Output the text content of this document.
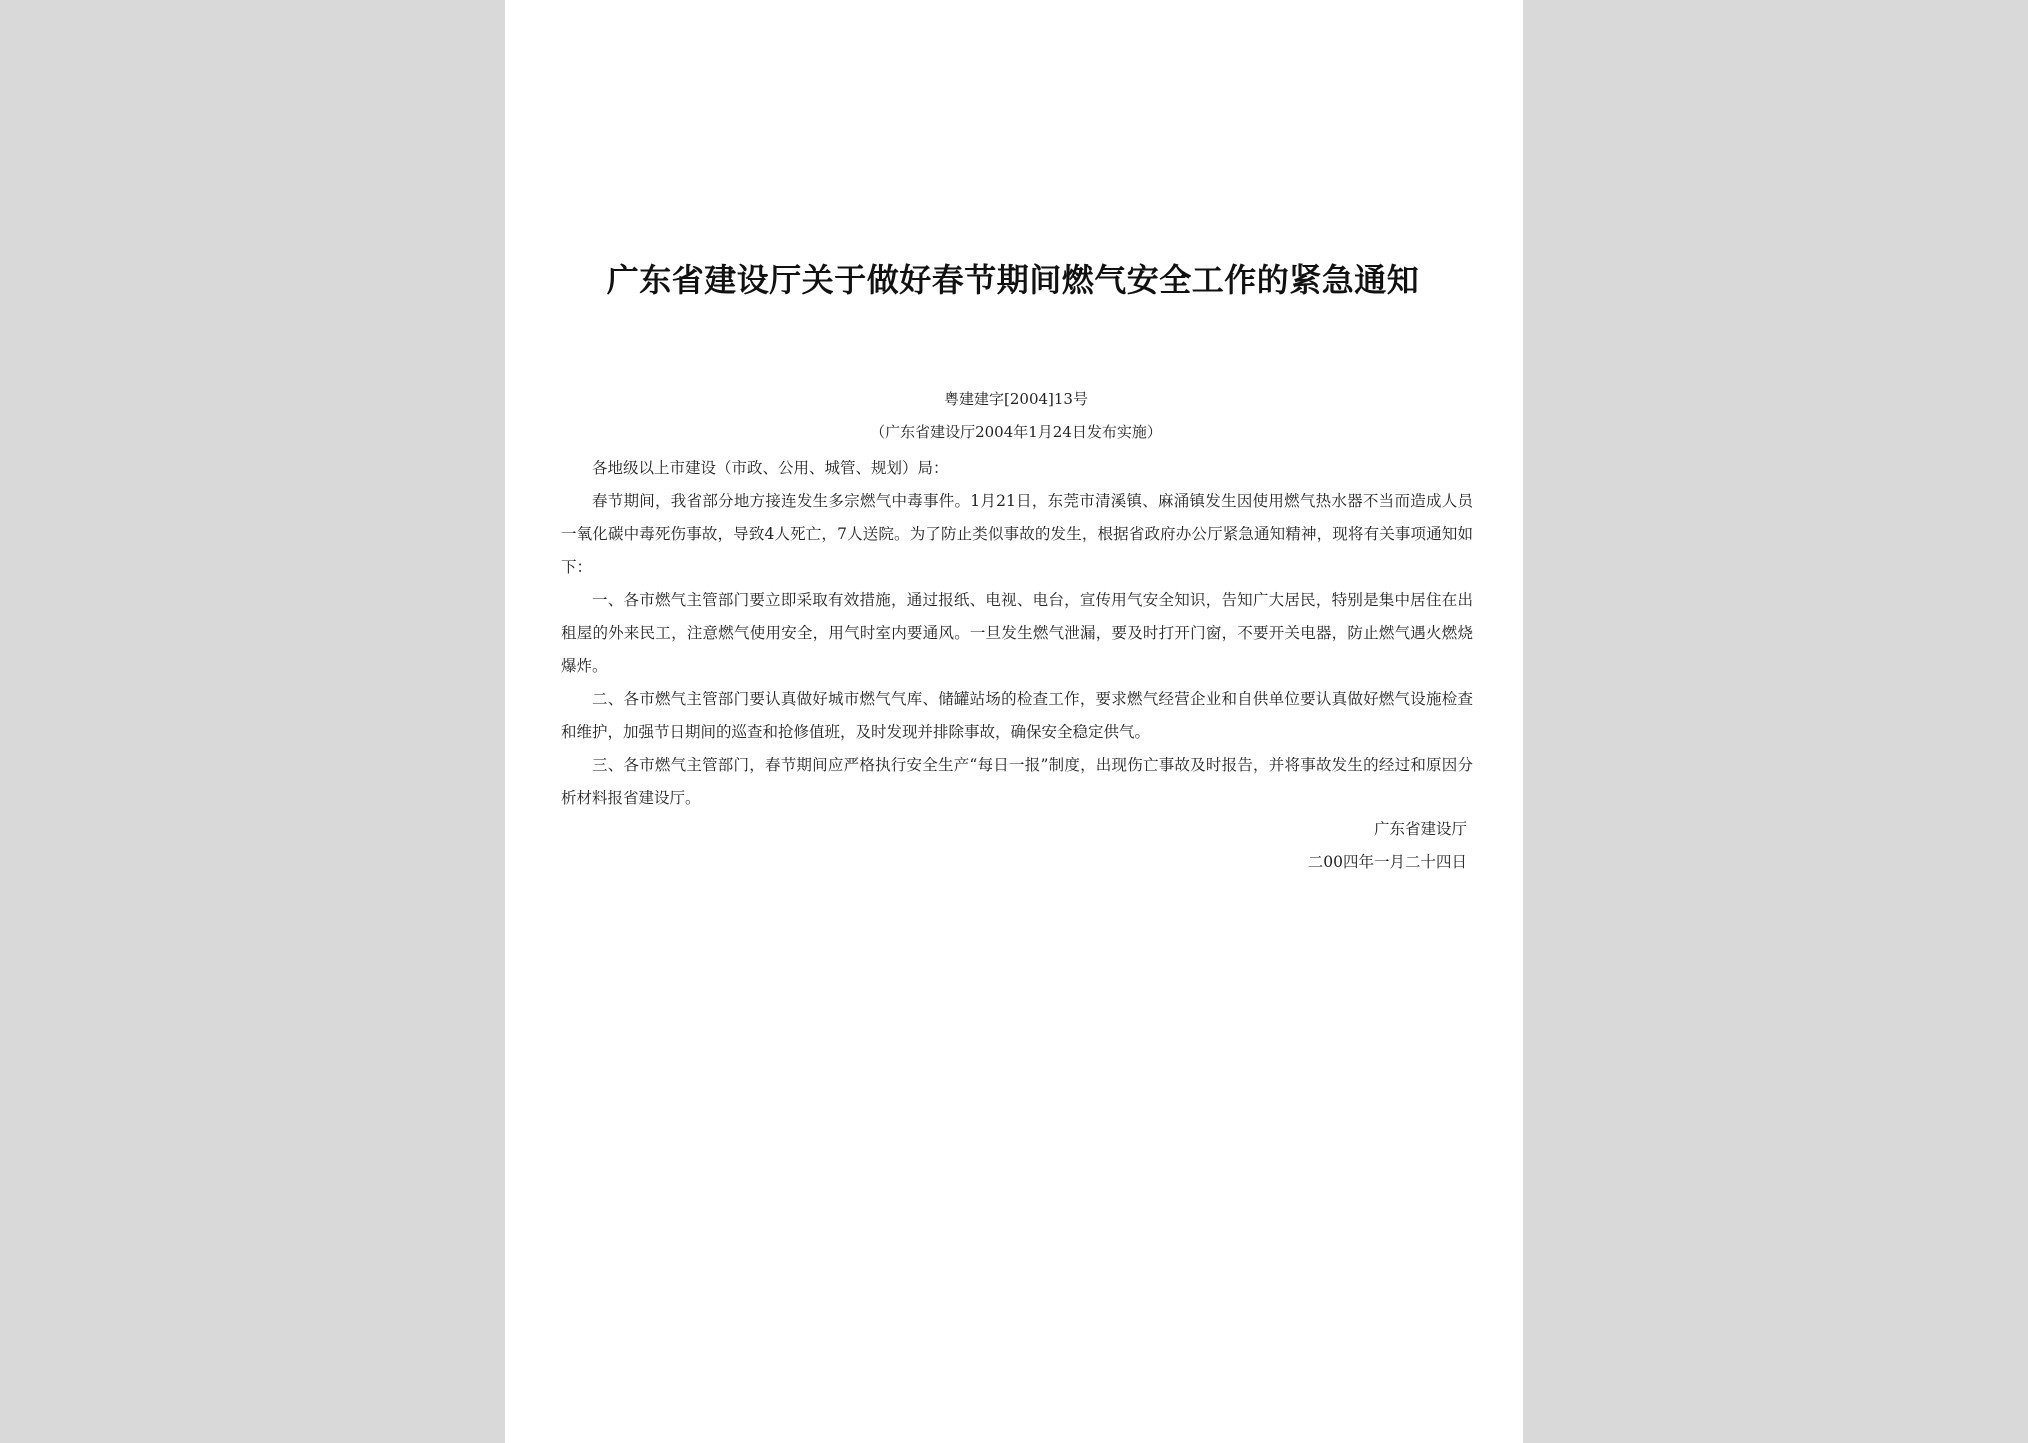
广东省建设厅关于做好春节期间燃气安全工作的紧急通知
粤建建字[2004]13号
（广东省建设厅2004年1月24日发布实施）

各地级以上市建设（市政、公用、城管、规划）局：

春节期间，我省部分地方接连发生多宗燃气中毒事件。1月21日，东莞市清溪镇、麻涌镇发生因使用燃气热水器不当而造成人员一氧化碳中毒死伤事故，导致4人死亡，7人送院。为了防止类似事故的发生，根据省政府办公厅紧急通知精神，现将有关事项通知如下：

一、各市燃气主管部门要立即采取有效措施，通过报纸、电视、电台，宣传用气安全知识，告知广大居民，特别是集中居住在出租屋的外来民工，注意燃气使用安全，用气时室内要通风。一旦发生燃气泄漏，要及时打开门窗，不要开关电器，防止燃气遇火燃烧爆炸。

二、各市燃气主管部门要认真做好城市燃气气库、储罐站场的检查工作，要求燃气经营企业和自供单位要认真做好燃气设施检查和维护，加强节日期间的巡查和抢修值班，及时发现并排除事故，确保安全稳定供气。

三、各市燃气主管部门，春节期间应严格执行安全生产“每日一报”制度，出现伤亡事故及时报告，并将事故发生的经过和原因分析材料报省建设厅。

广东省建设厅
二00四年一月二十四日
